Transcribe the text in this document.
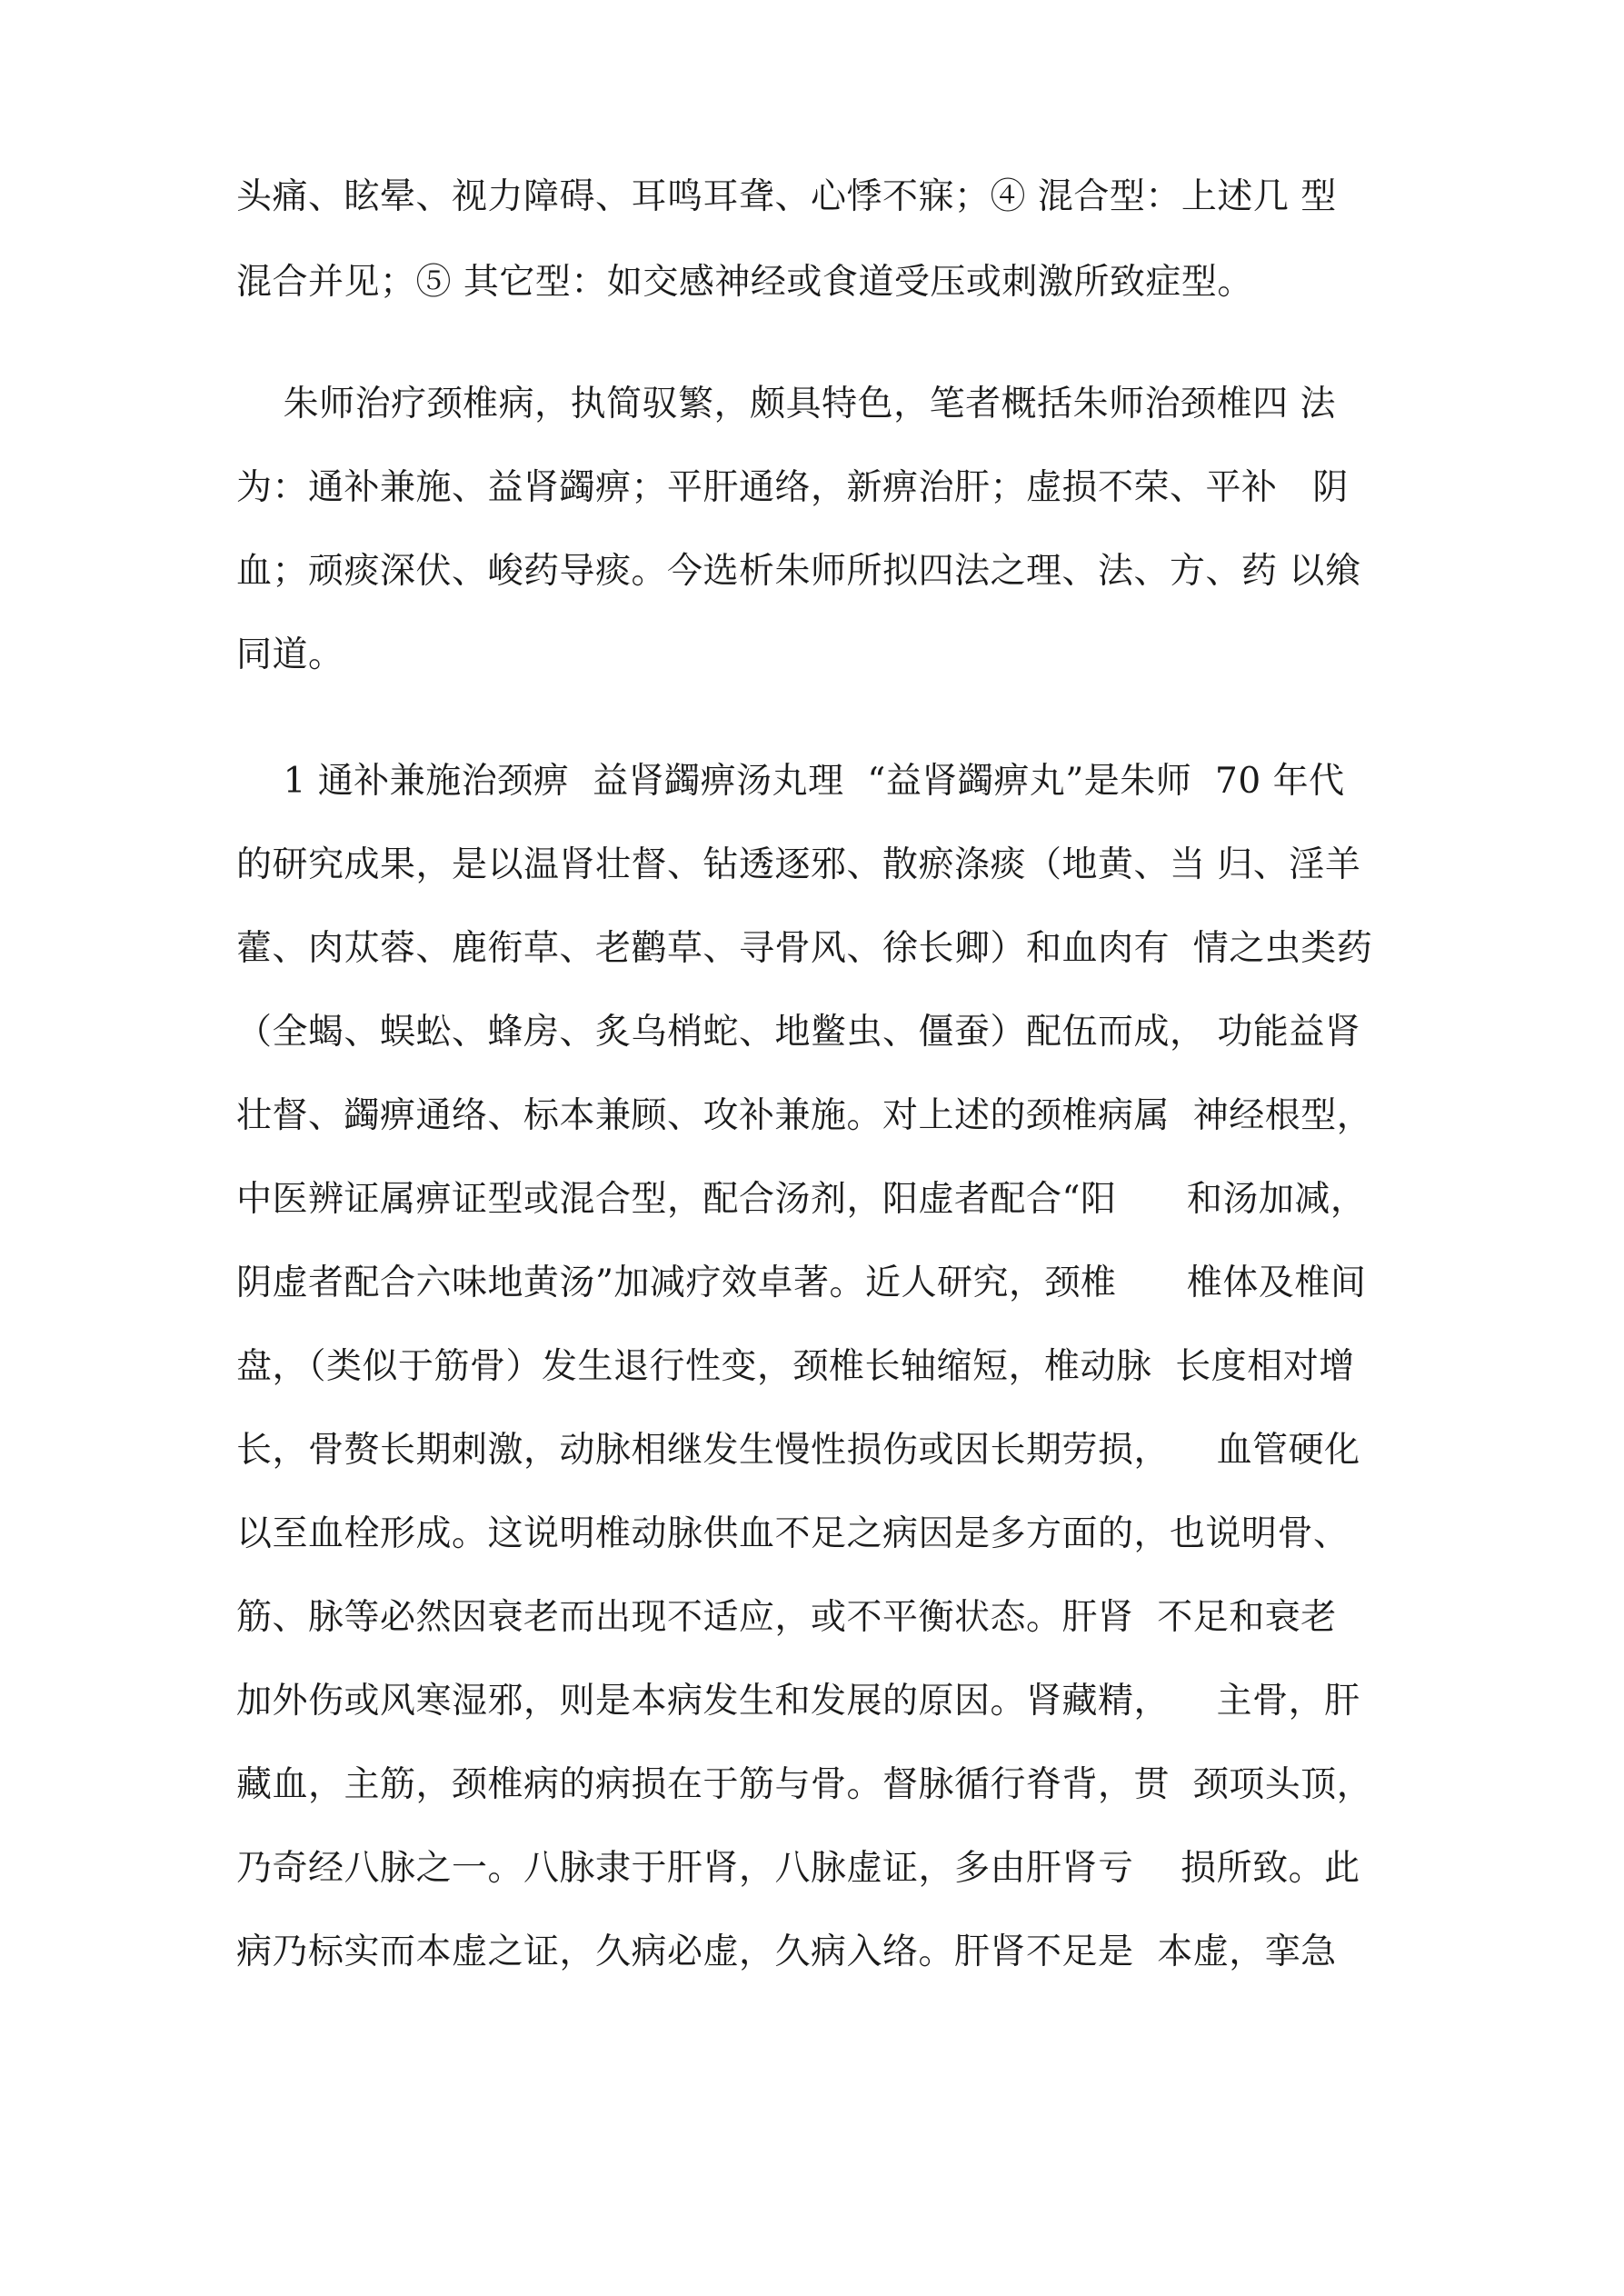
头痛、眩晕、视力障碍、耳鸣耳聋、心悸不寐；④ 混合型：上述几 型
混合并见；⑤ 其它型：如交感神经或食道受压或刺激所致症型。
朱师治疗颈椎病，执简驭繁，颇具特色，笔者概括朱师治颈椎四 法
为：通补兼施、益肾蠲痹；平肝通络，新痹治肝；虚损不荣、平补   阴
血；顽痰深伏、峻药导痰。今选析朱师所拟四法之理、法、方、药 以飨
同道。
1 通补兼施治颈痹  益肾蠲痹汤丸理  “益肾蠲痹丸”是朱师  70 年代
的研究成果，是以温肾壮督、钻透逐邪、散瘀涤痰（地黄、当 归、淫羊
藿、肉苁蓉、鹿衔草、老鹳草、寻骨风、徐长卿）和血肉有  情之虫类药
（全蝎、蜈蚣、蜂房、炙乌梢蛇、地鳖虫、僵蚕）配伍而成， 功能益肾
壮督、蠲痹通络、标本兼顾、攻补兼施。对上述的颈椎病属  神经根型，
中医辨证属痹证型或混合型，配合汤剂，阳虚者配合“阳      和汤加减，
阴虚者配合六味地黄汤”加减疗效卓著。近人研究，颈椎      椎体及椎间
盘，（类似于筋骨）发生退行性变，颈椎长轴缩短，椎动脉  长度相对增
长，骨赘长期刺激，动脉相继发生慢性损伤或因长期劳损，    血管硬化
以至血栓形成。这说明椎动脉供血不足之病因是多方面的，也说明骨、
筋、脉等必然因衰老而出现不适应，或不平衡状态。肝肾  不足和衰老
加外伤或风寒湿邪，则是本病发生和发展的原因。肾藏精，    主骨，肝
藏血，主筋，颈椎病的病损在于筋与骨。督脉循行脊背，贯  颈项头顶，
乃奇经八脉之一。八脉隶于肝肾，八脉虚证，多由肝肾亏    损所致。此
病乃标实而本虚之证，久病必虚，久病入络。肝肾不足是  本虚，挛急
